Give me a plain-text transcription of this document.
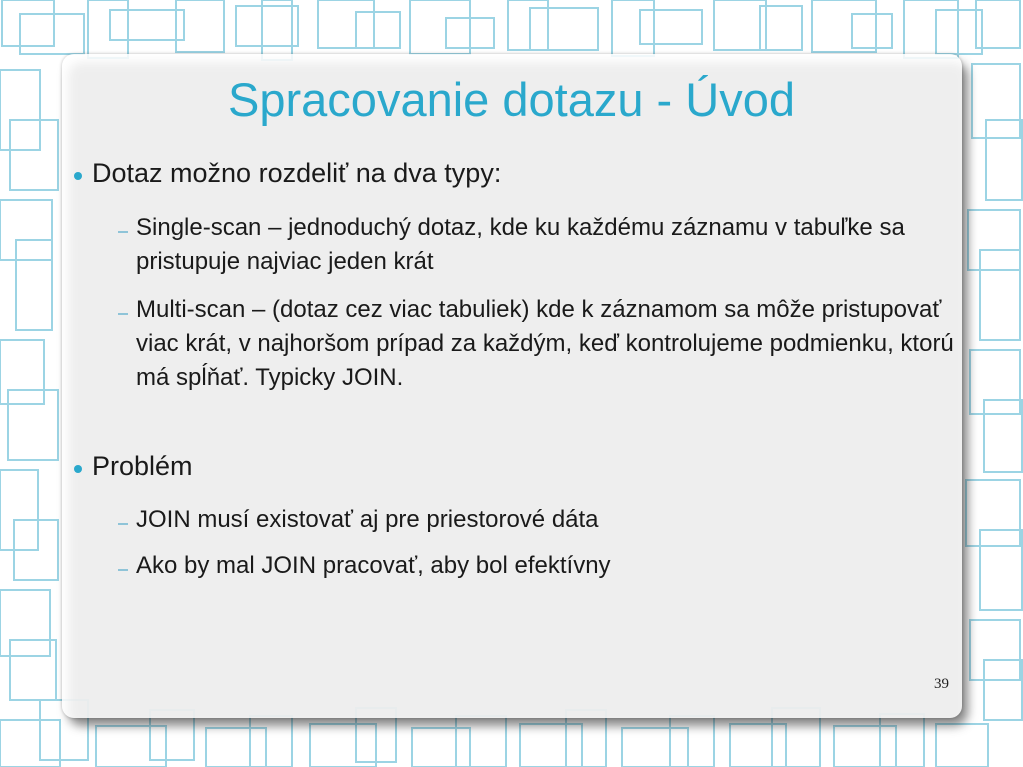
Spracovanie dotazu - Úvod
Dotaz možno rozdeliť na dva typy:
Single-scan – jednoduchý dotaz, kde ku každému záznamu v tabuľke sa pristupuje najviac jeden krát
Multi-scan – (dotaz cez viac tabuliek) kde k záznamom sa môže pristupovať viac krát, v najhoršom prípad za každým, keď kontrolujeme podmienku, ktorú má spĺňať. Typicky JOIN.
Problém
JOIN musí existovať aj pre priestorové dáta
Ako by mal JOIN pracovať, aby bol efektívny
39
